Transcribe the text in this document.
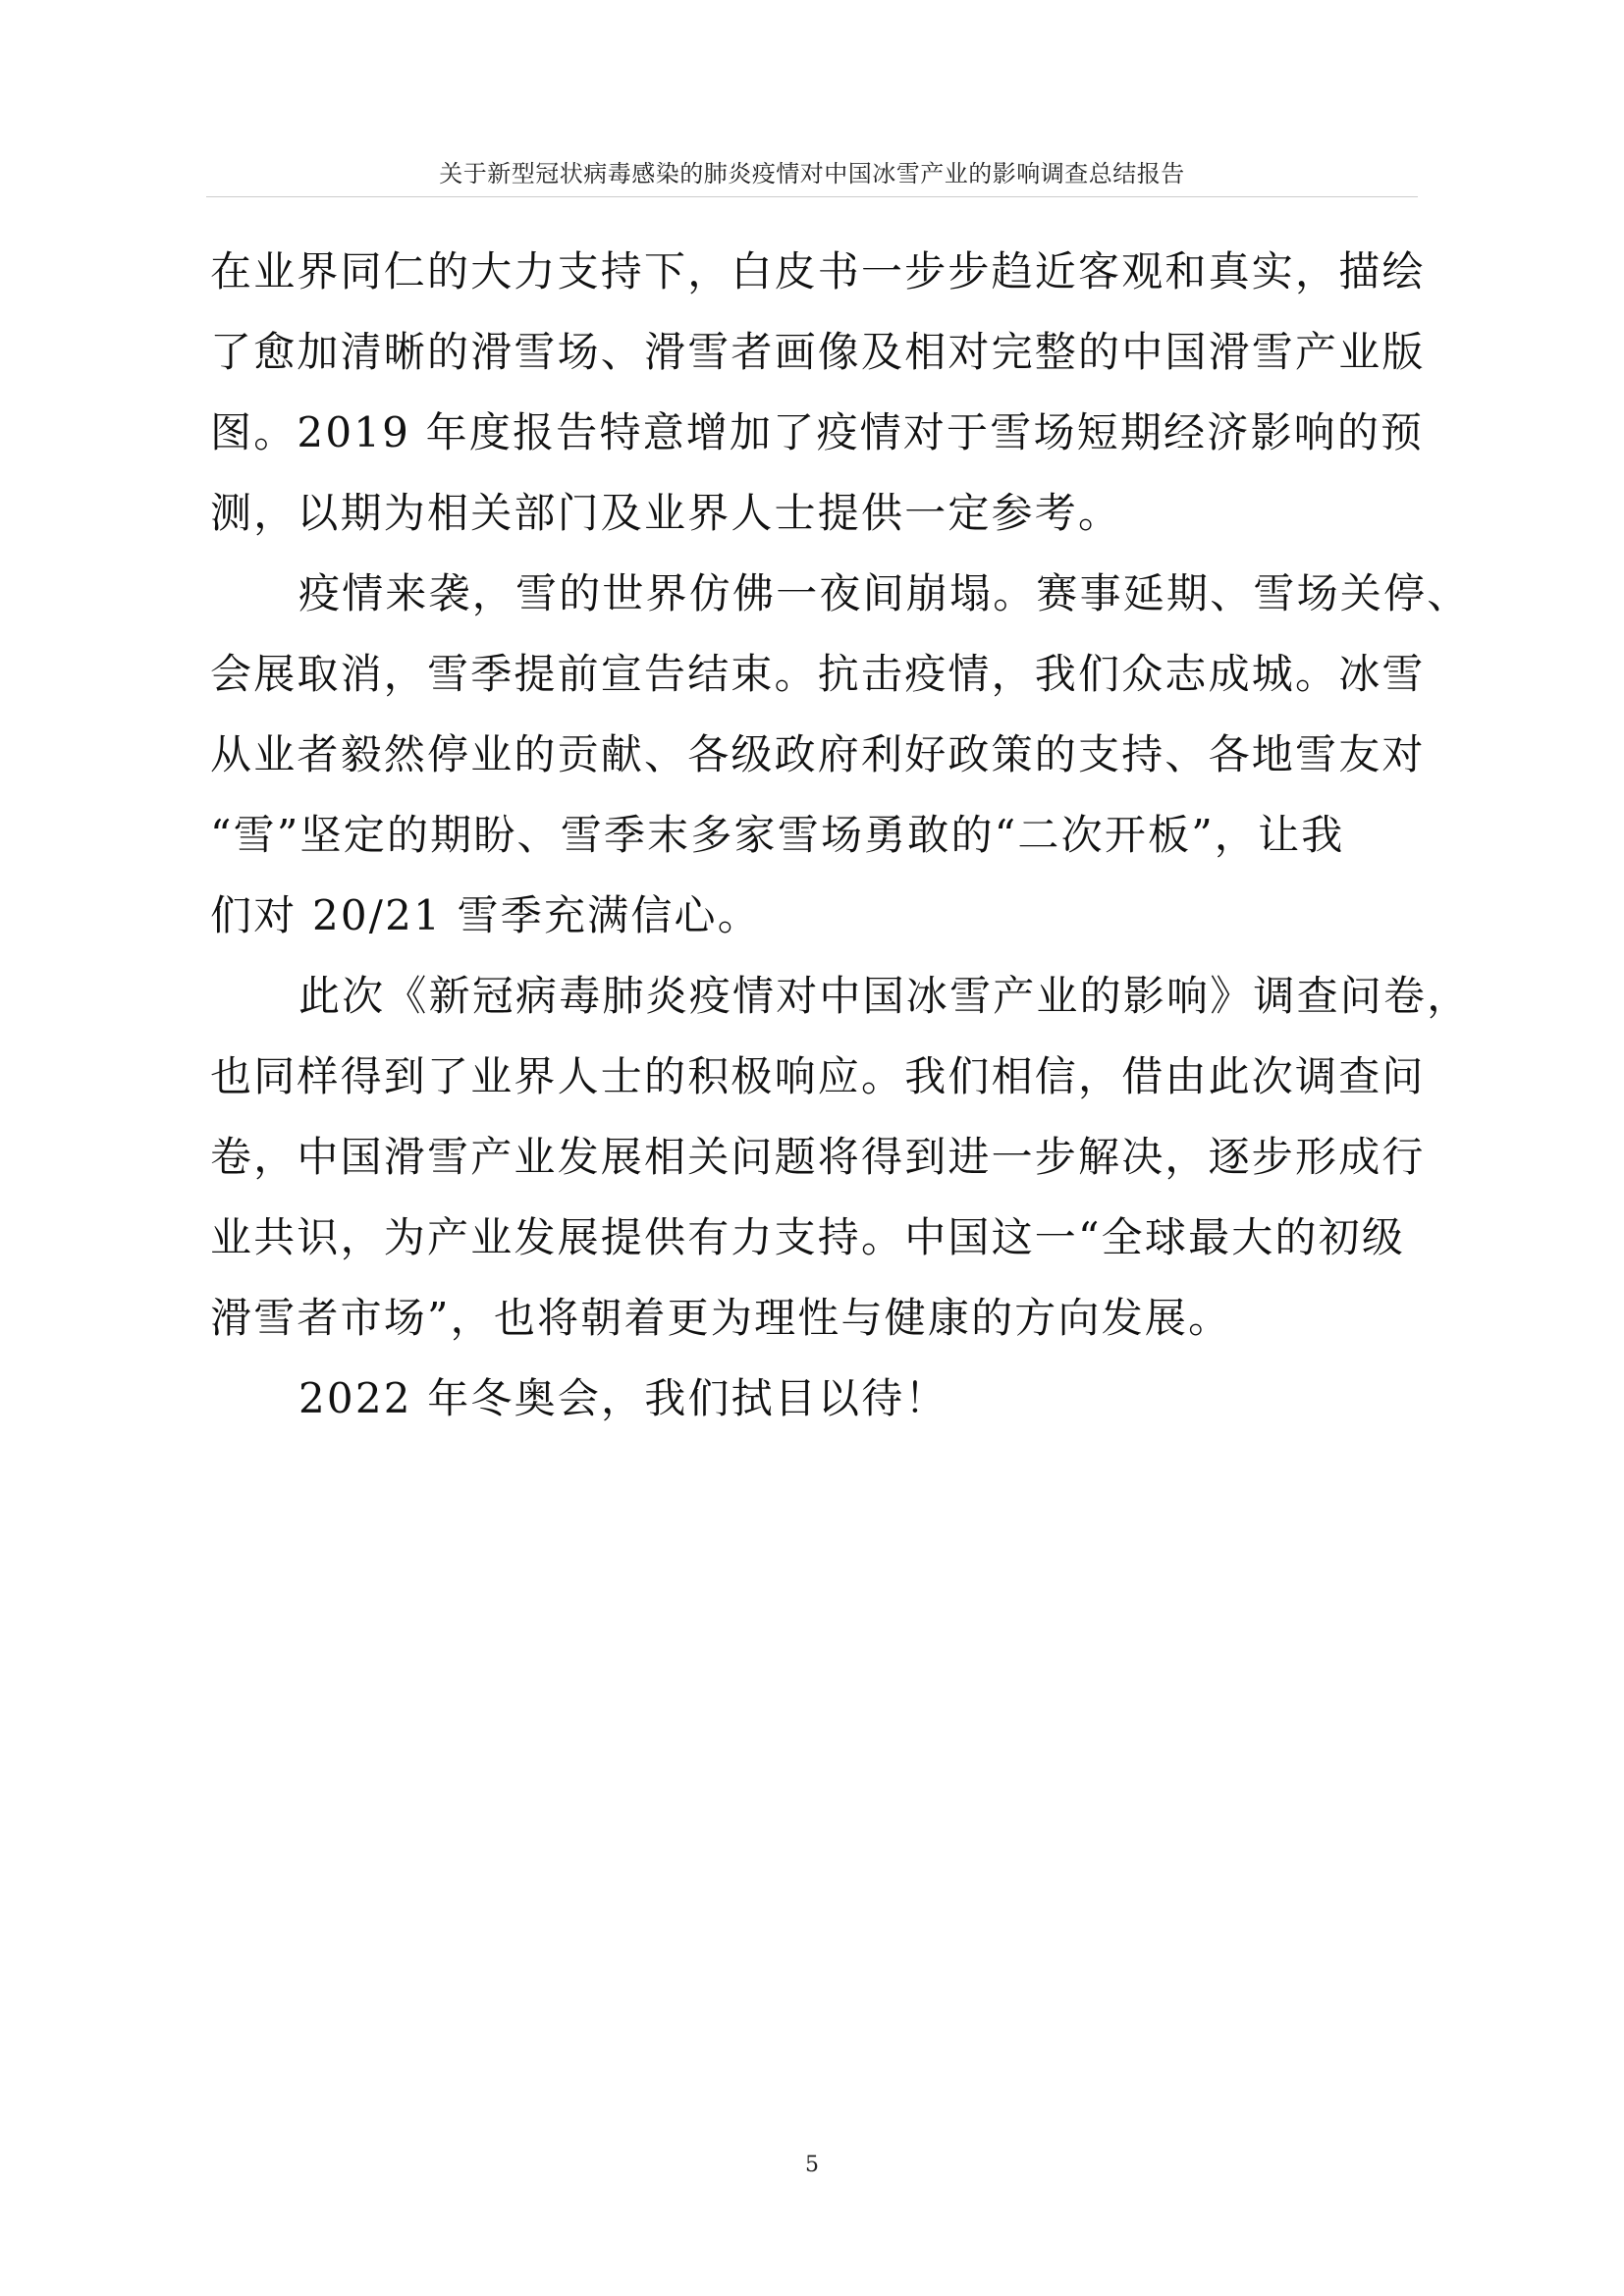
关于新型冠状病毒感染的肺炎疫情对中国冰雪产业的影响调查总结报告
在业界同仁的大力支持下，白皮书一步步趋近客观和真实，描绘
了愈加清晰的滑雪场、滑雪者画像及相对完整的中国滑雪产业版
图。2019 年度报告特意增加了疫情对于雪场短期经济影响的预
测，以期为相关部门及业界人士提供一定参考。
疫情来袭，雪的世界仿佛一夜间崩塌。赛事延期、雪场关停、
会展取消，雪季提前宣告结束。抗击疫情，我们众志成城。冰雪
从业者毅然停业的贡献、各级政府利好政策的支持、各地雪友对
“雪”坚定的期盼、雪季末多家雪场勇敢的“二次开板”，让我
们对 20/21 雪季充满信心。
此次《新冠病毒肺炎疫情对中国冰雪产业的影响》调查问卷，
也同样得到了业界人士的积极响应。我们相信，借由此次调查问
卷，中国滑雪产业发展相关问题将得到进一步解决，逐步形成行
业共识，为产业发展提供有力支持。中国这一“全球最大的初级
滑雪者市场”，也将朝着更为理性与健康的方向发展。
2022 年冬奥会，我们拭目以待！
5
